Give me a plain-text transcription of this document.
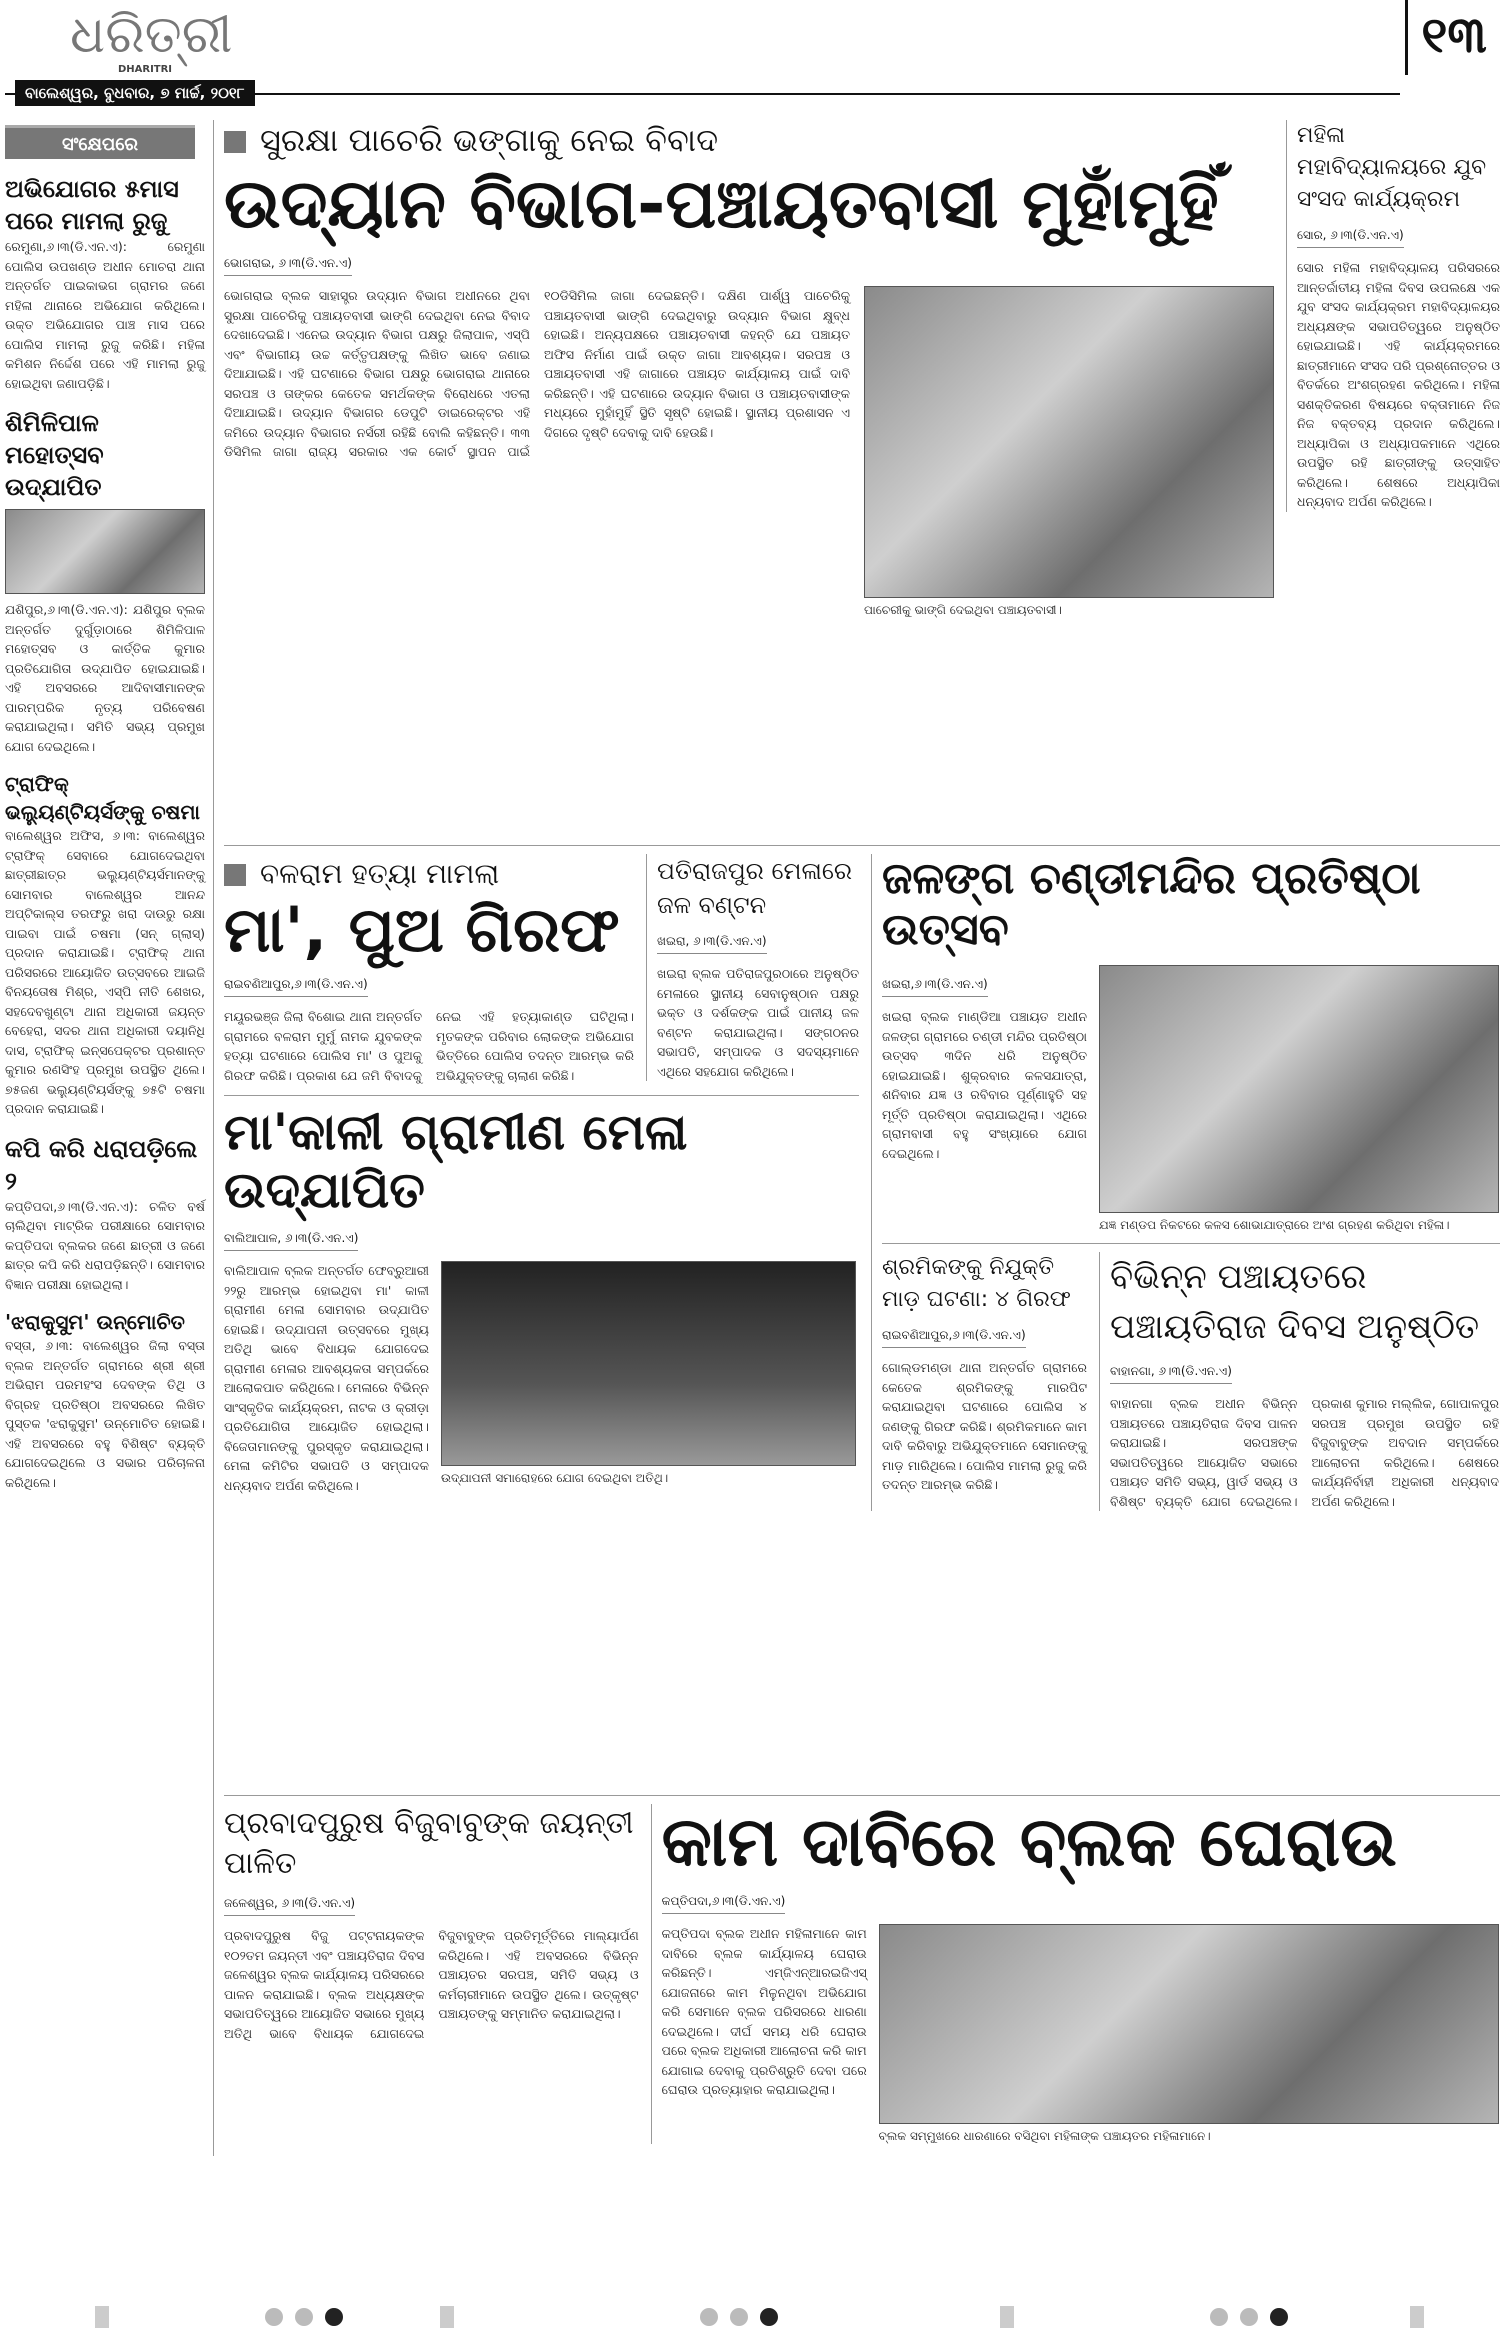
ଧରିତ୍ରୀ
DHARITRI
ବାଲେଶ୍ୱର, ବୁଧବାର, ୭ ମାର୍ଚ୍ଚ, ୨୦୧୮
୧୩
ସଂକ୍ଷେପରେ
ଅଭିଯୋଗର ୫ମାସ ପରେ ମାମଲା ରୁଜୁ
ରେମୁଣା,୬।୩(ଡି.ଏନ.ଏ): ରେମୁଣା ପୋଲିସ ଉପଖଣ୍ଡ ଅଧୀନ ମୋଚରା ଥାନା ଅନ୍ତର୍ଗତ ପାଇକାଭଗ ଗ୍ରାମର ଜଣେ ମହିଳା ଥାନାରେ ଅଭିଯୋଗ କରିଥିଲେ। ଉକ୍ତ ଅଭିଯୋଗର ପାଞ୍ଚ ମାସ ପରେ ପୋଲିସ ମାମଲା ରୁଜୁ କରିଛି। ମହିଳା କମିଶନ ନିର୍ଦ୍ଦେଶ ପରେ ଏହି ମାମଲା ରୁଜୁ ହୋଇଥିବା ଜଣାପଡ଼ିଛି।
ଶିମିଳିପାଳ ମହୋତ୍ସବ ଉଦ୍‌ଯାପିତ
ଯଶିପୁର,୬।୩(ଡି.ଏନ.ଏ): ଯଶିପୁର ବ୍ଲକ ଅନ୍ତର୍ଗତ ଦୁର୍ଗୁଡ଼ାଠାରେ ଶିମିଳିପାଳ ମହୋତ୍ସବ ଓ କାର୍ତ୍ତିକ କୁମାର ପ୍ରତିଯୋଗିତା ଉଦ୍‌ଯାପିତ ହୋଇଯାଇଛି। ଏହି ଅବସରରେ ଆଦିବାସୀମାନଙ୍କ ପାରମ୍ପରିକ ନୃତ୍ୟ ପରିବେଷଣ କରାଯାଇଥିଲା। ସମିତି ସଭ୍ୟ ପ୍ରମୁଖ ଯୋଗ ଦେଇଥିଲେ।
ଟ୍ରାଫିକ୍ ଭଲ୍ୟୁଣ୍ଟିୟର୍ସଙ୍କୁ ଚଷମା
ବାଲେଶ୍ୱର ଅଫିସ, ୬।୩: ବାଲେଶ୍ୱର ଟ୍ରାଫିକ୍ ସେବାରେ ଯୋଗଦେଇଥିବା ଛାତ୍ରୀଛାତ୍ର ଭଲ୍ୟୁଣ୍ଟିୟର୍ସମାନଙ୍କୁ ସୋମବାର ବାଲେଶ୍ୱର ଆନନ୍ଦ ଅପ୍‌ଟିକାଲ୍ସ ତରଫରୁ ଖରା ଦାଉରୁ ରକ୍ଷା ପାଇବା ପାଇଁ ଚଷମା (ସନ୍ ଗ୍ଲାସ୍) ପ୍ରଦାନ କରାଯାଇଛି। ଟ୍ରାଫିକ୍ ଥାନା ପରିସରରେ ଆୟୋଜିତ ଉତ୍ସବରେ ଆଇଜି ବିନୟତୋଷ ମିଶ୍ର, ଏସ୍‌ପି ନୀତି ଶେଖର, ସହଦେବଖୁଣ୍ଟା ଥାନା ଅଧିକାରୀ ଜୟନ୍ତ ବେହେରା, ସଦର ଥାନା ଅଧିକାରୀ ଦୟାନିଧି ଦାସ, ଟ୍ରାଫିକ୍ ଇନ୍‌ସପେକ୍ଟର ପ୍ରଶାନ୍ତ କୁମାର ରଣସିଂହ ପ୍ରମୁଖ ଉପସ୍ଥିତ ଥିଲେ। ୭୫ଜଣ ଭଲ୍ୟୁଣ୍ଟିୟର୍ସଙ୍କୁ ୭୫ଟି ଚଷମା ପ୍ରଦାନ କରାଯାଇଛି।
କପି କରି ଧରାପଡ଼ିଲେ ୨
କପ୍ତିପଦା,୬।୩(ଡି.ଏନ.ଏ): ଚଳିତ ବର୍ଷ ଚାଲିଥିବା ମାଟ୍ରିକ ପରୀକ୍ଷାରେ ସୋମବାର କପ୍ତିପଦା ବ୍ଲକର ଜଣେ ଛାତ୍ରୀ ଓ ଜଣେ ଛାତ୍ର କପି କରି ଧରାପଡ଼ିଛନ୍ତି। ସୋମବାର ବିଜ୍ଞାନ ପରୀକ୍ଷା ହୋଇଥିଲା।
'ଝରାକୁସୁମ' ଉନ୍ମୋଚିତ
ବସ୍ତା, ୬।୩: ବାଲେଶ୍ୱର ଜିଲା ବସ୍ତା ବ୍ଲକ ଅନ୍ତର୍ଗତ ଗ୍ରାମରେ ଶ୍ରୀ ଶ୍ରୀ ଅଭିରାମ ପରମହଂସ ଦେବଙ୍କ ତିଥି ଓ ବିଗ୍ରହ ପ୍ରତିଷ୍ଠା ଅବସରରେ ଲିଖିତ ପୁସ୍ତକ 'ଝରାକୁସୁମ' ଉନ୍ମୋଚିତ ହୋଇଛି। ଏହି ଅବସରରେ ବହୁ ବିଶିଷ୍ଟ ବ୍ୟକ୍ତି ଯୋଗଦେଇଥିଲେ ଓ ସଭାର ପରିଚାଳନା କରିଥିଲେ।
ସୁରକ୍ଷା ପାଚେରି ଭଙ୍ଗାକୁ ନେଇ ବିବାଦ
ଉଦ୍ୟାନ ବିଭାଗ-ପଞ୍ଚାୟତବାସୀ ମୁହାଁମୁହିଁ
ଭୋଗରାଇ, ୬।୩(ଡି.ଏନ.ଏ)
ଭୋଗରାଇ ବ୍ଲକ ସାହାସ୍ତ୍ର ଉଦ୍ୟାନ ବିଭାଗ ଅଧୀନରେ ଥିବା ସୁରକ୍ଷା ପାଚେରିକୁ ପଞ୍ଚାୟତବାସୀ ଭାଙ୍ଗି ଦେଇଥିବା ନେଇ ବିବାଦ ଦେଖାଦେଇଛି। ଏନେଇ ଉଦ୍ୟାନ ବିଭାଗ ପକ୍ଷରୁ ଜିଲାପାଳ, ଏସ୍‌ପି ଏବଂ ବିଭାଗୀୟ ଉଚ୍ଚ କର୍ତ୍ତୃପକ୍ଷଙ୍କୁ ଲିଖିତ ଭାବେ ଜଣାଇ ଦିଆଯାଇଛି। ଏହି ଘଟଣାରେ ବିଭାଗ ପକ୍ଷରୁ ଭୋଗରାଇ ଥାନାରେ ସରପଞ୍ଚ ଓ ତାଙ୍କର କେତେକ ସମର୍ଥକଙ୍କ ବିରୋଧରେ ଏତଲା ଦିଆଯାଇଛି। ଉଦ୍ୟାନ ବିଭାଗର ଡେପୁଟି ଡାଇରେକ୍ଟର ଏହି ଜମିରେ ଉଦ୍ୟାନ ବିଭାଗର ନର୍ସରୀ ରହିଛି ବୋଲି କହିଛନ୍ତି। ୩୩ ଡିସିମିଲ ଜାଗା ରାଜ୍ୟ ସରକାର ଏକ କୋର୍ଟ ସ୍ଥାପନ ପାଇଁ ୧୦ଡିସିମିଲ ଜାଗା ଦେଇଛନ୍ତି। ଦକ୍ଷିଣ ପାର୍ଶ୍ୱ ପାଚେରିକୁ ପଞ୍ଚାୟତବାସୀ ଭାଙ୍ଗି ଦେଇଥିବାରୁ ଉଦ୍ୟାନ ବିଭାଗ କ୍ଷୁବ୍ଧ ହୋଇଛି। ଅନ୍ୟପକ୍ଷରେ ପଞ୍ଚାୟତବାସୀ କହନ୍ତି ଯେ ପଞ୍ଚାୟତ ଅଫିସ ନିର୍ମାଣ ପାଇଁ ଉକ୍ତ ଜାଗା ଆବଶ୍ୟକ। ସରପଞ୍ଚ ଓ ପଞ୍ଚାୟତବାସୀ ଏହି ଜାଗାରେ ପଞ୍ଚାୟତ କାର୍ଯ୍ୟାଳୟ ପାଇଁ ଦାବି କରିଛନ୍ତି। ଏହି ଘଟଣାରେ ଉଦ୍ୟାନ ବିଭାଗ ଓ ପଞ୍ଚାୟତବାସୀଙ୍କ ମଧ୍ୟରେ ମୁହାଁମୁହିଁ ସ୍ଥିତି ସୃଷ୍ଟି ହୋଇଛି। ସ୍ଥାନୀୟ ପ୍ରଶାସନ ଏ ଦିଗରେ ଦୃଷ୍ଟି ଦେବାକୁ ଦାବି ହେଉଛି।
ପାଚେରୀକୁ ଭାଙ୍ଗି ଦେଇଥିବା ପଞ୍ଚାୟତବାସୀ।
ମହିଳା ମହାବିଦ୍ୟାଳୟରେ ଯୁବ ସଂସଦ କାର୍ଯ୍ୟକ୍ରମ
ସୋର, ୬।୩(ଡି.ଏନ.ଏ)
ସୋର ମହିଳା ମହାବିଦ୍ୟାଳୟ ପରିସରରେ ଆନ୍ତର୍ଜାତୀୟ ମହିଳା ଦିବସ ଉପଲକ୍ଷେ ଏକ ଯୁବ ସଂସଦ କାର୍ଯ୍ୟକ୍ରମ ମହାବିଦ୍ୟାଳୟର ଅଧ୍ୟକ୍ଷଙ୍କ ସଭାପତିତ୍ୱରେ ଅନୁଷ୍ଠିତ ହୋଇଯାଇଛି। ଏହି କାର୍ଯ୍ୟକ୍ରମରେ ଛାତ୍ରୀମାନେ ସଂସଦ ପରି ପ୍ରଶ୍ନୋତ୍ତର ଓ ବିତର୍କରେ ଅଂଶଗ୍ରହଣ କରିଥିଲେ। ମହିଳା ସଶକ୍ତିକରଣ ବିଷୟରେ ବକ୍ତାମାନେ ନିଜ ନିଜ ବକ୍ତବ୍ୟ ପ୍ରଦାନ କରିଥିଲେ। ଅଧ୍ୟାପିକା ଓ ଅଧ୍ୟାପକମାନେ ଏଥିରେ ଉପସ୍ଥିତ ରହି ଛାତ୍ରୀଙ୍କୁ ଉତ୍ସାହିତ କରିଥିଲେ। ଶେଷରେ ଅଧ୍ୟାପିକା ଧନ୍ୟବାଦ ଅର୍ପଣ କରିଥିଲେ।
ବଳରାମ ହତ୍ୟା ମାମଲା
ମା', ପୁଅ ଗିରଫ
ରାଇବଣିଆପୁର,୬।୩(ଡି.ଏନ.ଏ)
ମୟୂରଭଞ୍ଜ ଜିଲା ବିଶୋଇ ଥାନା ଅନ୍ତର୍ଗତ ଗ୍ରାମରେ ବଳରାମ ମୁର୍ମୁ ନାମକ ଯୁବକଙ୍କ ହତ୍ୟା ଘଟଣାରେ ପୋଲିସ ମା' ଓ ପୁଅକୁ ଗିରଫ କରିଛି। ପ୍ରକାଶ ଯେ ଜମି ବିବାଦକୁ ନେଇ ଏହି ହତ୍ୟାକାଣ୍ଡ ଘଟିଥିଲା। ମୃତକଙ୍କ ପରିବାର ଲୋକଙ୍କ ଅଭିଯୋଗ ଭିତ୍ତିରେ ପୋଲିସ ତଦନ୍ତ ଆରମ୍ଭ କରି ଅଭିଯୁକ୍ତଙ୍କୁ ଚାଲାଣ କରିଛି।
ପତିରାଜପୁର ମେଳାରେ ଜଳ ବଣ୍ଟନ
ଖଇରା, ୬।୩(ଡି.ଏନ.ଏ)
ଖଇରା ବ୍ଲକ ପତିରାଜପୁରଠାରେ ଅନୁଷ୍ଠିତ ମେଳାରେ ସ୍ଥାନୀୟ ସେବାନୁଷ୍ଠାନ ପକ୍ଷରୁ ଭକ୍ତ ଓ ଦର୍ଶକଙ୍କ ପାଇଁ ପାନୀୟ ଜଳ ବଣ୍ଟନ କରାଯାଇଥିଲା। ସଙ୍ଗଠନର ସଭାପତି, ସମ୍ପାଦକ ଓ ସଦସ୍ୟମାନେ ଏଥିରେ ସହଯୋଗ କରିଥିଲେ।
ମା'କାଳୀ ଗ୍ରାମୀଣ ମେଳା ଉଦ୍‌ଯାପିତ
ବାଲିଆପାଳ, ୬।୩(ଡି.ଏନ.ଏ)
ବାଲିଆପାଳ ବ୍ଲକ ଅନ୍ତର୍ଗତ ଫେବ୍ରୁଆରୀ ୨୨ରୁ ଆରମ୍ଭ ହୋଇଥିବା ମା' କାଳୀ ଗ୍ରାମୀଣ ମେଳା ସୋମବାର ଉଦ୍‌ଯାପିତ ହୋଇଛି। ଉଦ୍‌ଯାପନୀ ଉତ୍ସବରେ ମୁଖ୍ୟ ଅତିଥି ଭାବେ ବିଧାୟକ ଯୋଗଦେଇ ଗ୍ରାମୀଣ ମେଳାର ଆବଶ୍ୟକତା ସମ୍ପର୍କରେ ଆଲୋକପାତ କରିଥିଲେ। ମେଳାରେ ବିଭିନ୍ନ ସାଂସ୍କୃତିକ କାର୍ଯ୍ୟକ୍ରମ, ନାଟକ ଓ କ୍ରୀଡ଼ା ପ୍ରତିଯୋଗିତା ଆୟୋଜିତ ହୋଇଥିଲା। ବିଜେତାମାନଙ୍କୁ ପୁରସ୍କୃତ କରାଯାଇଥିଲା। ମେଳା କମିଟିର ସଭାପତି ଓ ସମ୍ପାଦକ ଧନ୍ୟବାଦ ଅର୍ପଣ କରିଥିଲେ।	ଉଦ୍‌ଯାପନୀ ସମାରୋହରେ ଯୋଗ ଦେଇଥିବା ଅତିଥି।
ଜଳଙ୍ଗ ଚଣ୍ଡୀମନ୍ଦିର ପ୍ରତିଷ୍ଠା ଉତ୍ସବ
ଖଇରା,୬।୩(ଡି.ଏନ.ଏ)
ଖଇରା ବ୍ଲକ ମାଣ୍ଡିଆ ପଞ୍ଚାୟତ ଅଧୀନ ଜଳଙ୍ଗ ଗ୍ରାମରେ ଚଣ୍ଡୀ ମନ୍ଦିର ପ୍ରତିଷ୍ଠା ଉତ୍ସବ ୩ଦିନ ଧରି ଅନୁଷ୍ଠିତ ହୋଇଯାଇଛି। ଶୁକ୍ରବାର କଳସଯାତ୍ରା, ଶନିବାର ଯଜ୍ଞ ଓ ରବିବାର ପୂର୍ଣ୍ଣାହୁତି ସହ ମୂର୍ତ୍ତି ପ୍ରତିଷ୍ଠା କରାଯାଇଥିଲା। ଏଥିରେ ଗ୍ରାମବାସୀ ବହୁ ସଂଖ୍ୟାରେ ଯୋଗ ଦେଇଥିଲେ।
ଯଜ୍ଞ ମଣ୍ଡପ ନିକଟରେ କଳସ ଶୋଭାଯାତ୍ରାରେ ଅଂଶ ଗ୍ରହଣ କରିଥିବା ମହିଳା।
ଶ୍ରମିକଙ୍କୁ ନିଯୁକ୍ତି ମାଡ଼ ଘଟଣା: ୪ ଗିରଫ
ରାଇବଣିଆପୁର,୬।୩(ଡି.ଏନ.ଏ)
ଗୋଲ୍ଡମଣ୍ଡା ଥାନା ଅନ୍ତର୍ଗତ ଗ୍ରାମରେ କେତେକ ଶ୍ରମିକଙ୍କୁ ମାରପିଟ କରାଯାଇଥିବା ଘଟଣାରେ ପୋଲିସ ୪ ଜଣଙ୍କୁ ଗିରଫ କରିଛି। ଶ୍ରମିକମାନେ କାମ ଦାବି କରିବାରୁ ଅଭିଯୁକ୍ତମାନେ ସେମାନଙ୍କୁ ମାଡ଼ ମାରିଥିଲେ। ପୋଲିସ ମାମଲା ରୁଜୁ କରି ତଦନ୍ତ ଆରମ୍ଭ କରିଛି।
ବିଭିନ୍ନ ପଞ୍ଚାୟତରେ ପଞ୍ଚାୟତିରାଜ ଦିବସ ଅନୁଷ୍ଠିତ
ବାହାନଗା, ୬।୩(ଡି.ଏନ.ଏ)
ବାହାନଗା ବ୍ଲକ ଅଧୀନ ବିଭିନ୍ନ ପଞ୍ଚାୟତରେ ପଞ୍ଚାୟତିରାଜ ଦିବସ ପାଳନ କରାଯାଇଛି। ସରପଞ୍ଚଙ୍କ ସଭାପତିତ୍ୱରେ ଆୟୋଜିତ ସଭାରେ ପଞ୍ଚାୟତ ସମିତି ସଭ୍ୟ, ୱାର୍ଡ ସଭ୍ୟ ଓ ବିଶିଷ୍ଟ ବ୍ୟକ୍ତି ଯୋଗ ଦେଇଥିଲେ। ପ୍ରକାଶ କୁମାର ମଲ୍ଲିକ, ଗୋପାଳପୁର ସରପଞ୍ଚ ପ୍ରମୁଖ ଉପସ୍ଥିତ ରହି ବିଜୁବାବୁଙ୍କ ଅବଦାନ ସମ୍ପର୍କରେ ଆଲୋଚନା କରିଥିଲେ। ଶେଷରେ କାର୍ଯ୍ୟନିର୍ବାହୀ ଅଧିକାରୀ ଧନ୍ୟବାଦ ଅର୍ପଣ କରିଥିଲେ।
ପ୍ରବାଦପୁରୁଷ ବିଜୁବାବୁଙ୍କ ଜୟନ୍ତୀ ପାଳିତ
ଜଳେଶ୍ୱର, ୬।୩(ଡି.ଏନ.ଏ)
ପ୍ରବାଦପୁରୁଷ ବିଜୁ ପଟ୍ଟନାୟକଙ୍କ ୧୦୨ତମ ଜୟନ୍ତୀ ଏବଂ ପଞ୍ଚାୟତିରାଜ ଦିବସ ଜଳେଶ୍ୱର ବ୍ଲକ କାର୍ଯ୍ୟାଳୟ ପରିସରରେ ପାଳନ କରାଯାଇଛି। ବ୍ଲକ ଅଧ୍ୟକ୍ଷଙ୍କ ସଭାପତିତ୍ୱରେ ଆୟୋଜିତ ସଭାରେ ମୁଖ୍ୟ ଅତିଥି ଭାବେ ବିଧାୟକ ଯୋଗଦେଇ ବିଜୁବାବୁଙ୍କ ପ୍ରତିମୂର୍ତ୍ତିରେ ମାଲ୍ୟାର୍ପଣ କରିଥିଲେ। ଏହି ଅବସରରେ ବିଭିନ୍ନ ପଞ୍ଚାୟତର ସରପଞ୍ଚ, ସମିତି ସଭ୍ୟ ଓ କର୍ମଚାରୀମାନେ ଉପସ୍ଥିତ ଥିଲେ। ଉତ୍କୃଷ୍ଟ ପଞ୍ଚାୟତଙ୍କୁ ସମ୍ମାନିତ କରାଯାଇଥିଲା।
କାମ ଦାବିରେ ବ୍ଲକ ଘେରାଉ
କପ୍ତିପଦା,୬।୩(ଡି.ଏନ.ଏ)
କପ୍ତିପଦା ବ୍ଲକ ଅଧୀନ ମହିଳାମାନେ କାମ ଦାବିରେ ବ୍ଲକ କାର୍ଯ୍ୟାଳୟ ଘେରାଉ କରିଛନ୍ତି। ଏମ୍‌ଜିଏନ୍‌ଆରଇଜିଏସ୍ ଯୋଜନାରେ କାମ ମିଳୁନଥିବା ଅଭିଯୋଗ କରି ସେମାନେ ବ୍ଲକ ପରିସରରେ ଧାରଣା ଦେଇଥିଲେ। ଦୀର୍ଘ ସମୟ ଧରି ଘେରାଉ ପରେ ବ୍ଲକ ଅଧିକାରୀ ଆଲୋଚନା କରି କାମ ଯୋଗାଇ ଦେବାକୁ ପ୍ରତିଶ୍ରୁତି ଦେବା ପରେ ଘେରାଉ ପ୍ରତ୍ୟାହାର କରାଯାଇଥିଲା।
ବ୍ଲକ ସମ୍ମୁଖରେ ଧାରଣାରେ ବସିଥିବା ମହିଳାଙ୍କ ପଞ୍ଚାୟତର ମହିଳାମାନେ।
